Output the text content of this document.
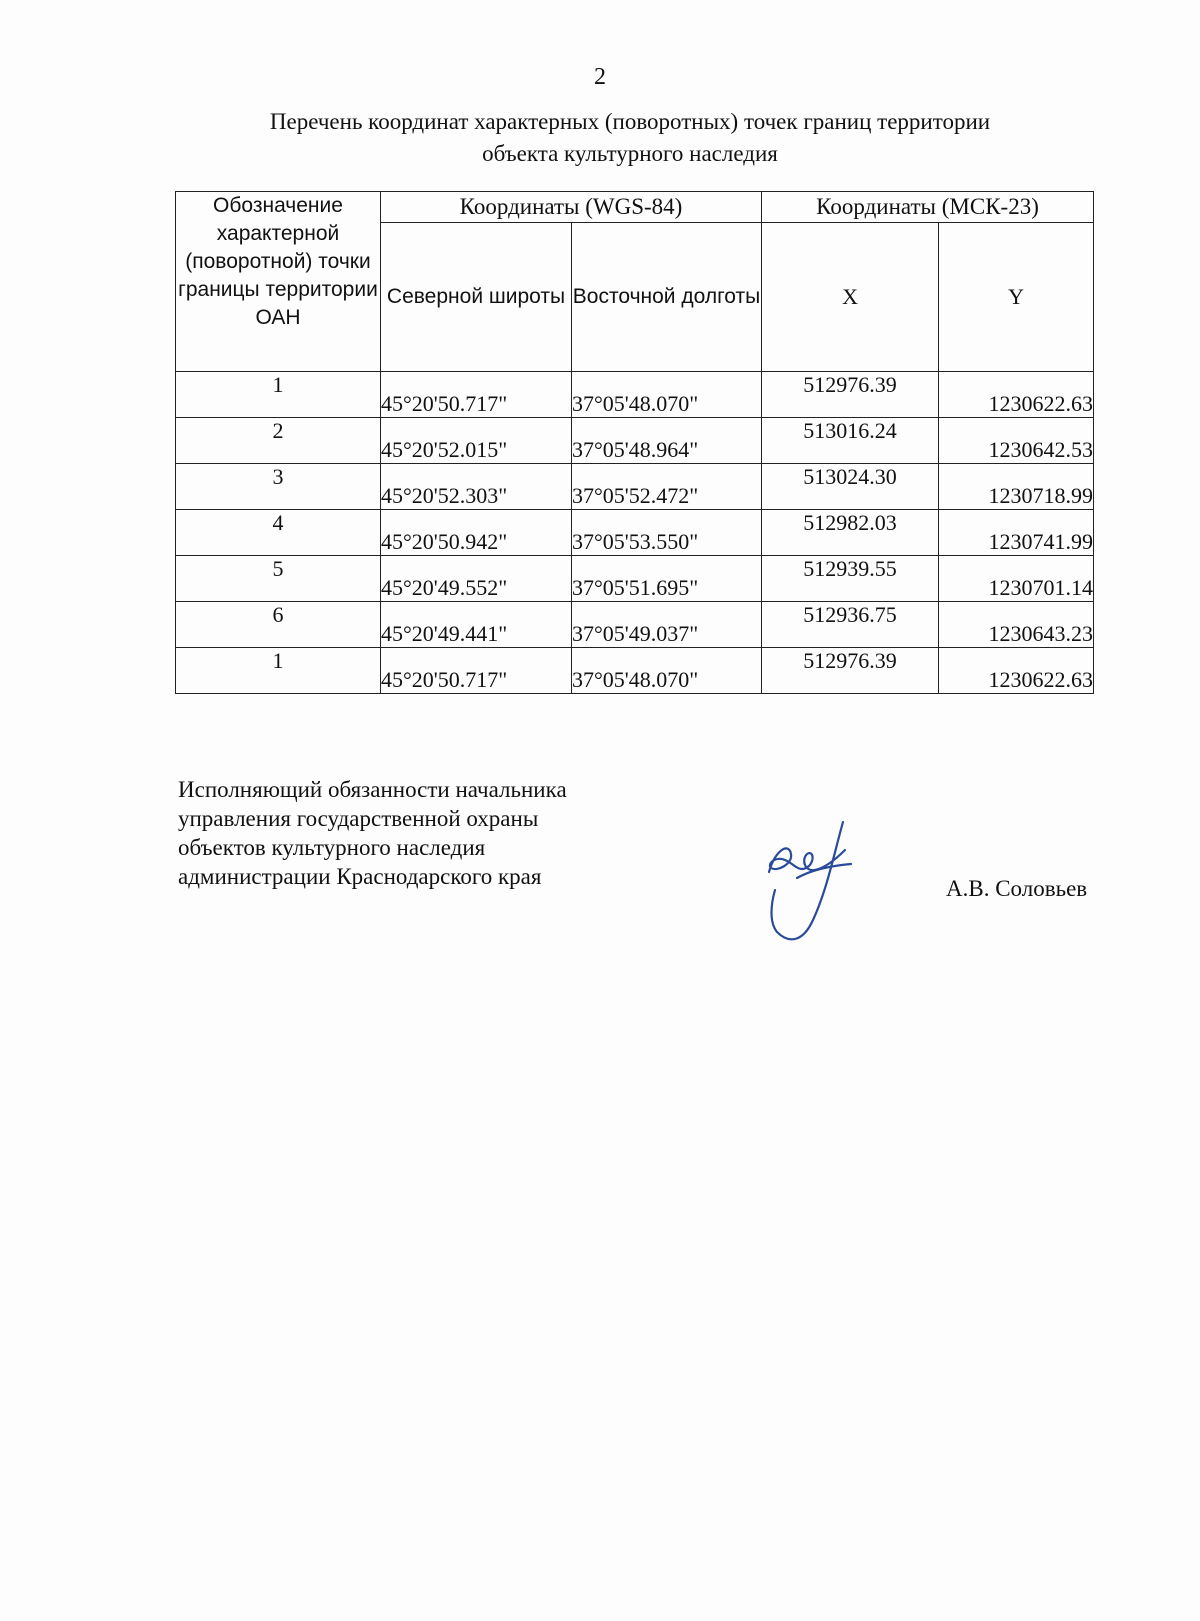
2
Перечень координат характерных (поворотных) точек границ территории
объекта культурного наследия
Обозначение характерной (поворотной) точки границы территории ОАН	Координаты (WGS-84)		Координаты (МСК-23)	
	Северной широты	Восточной долготы	X	Y
1	45°20'50.717"	37°05'48.070"	512976.39	1230622.63
2	45°20'52.015"	37°05'48.964"	513016.24	1230642.53
3	45°20'52.303"	37°05'52.472"	513024.30	1230718.99
4	45°20'50.942"	37°05'53.550"	512982.03	1230741.99
5	45°20'49.552"	37°05'51.695"	512939.55	1230701.14
6	45°20'49.441"	37°05'49.037"	512936.75	1230643.23
1	45°20'50.717"	37°05'48.070"	512976.39	1230622.63
Исполняющий обязанности начальника
управления государственной охраны
объектов культурного наследия
администрации Краснодарского края	А.В. Соловьев
